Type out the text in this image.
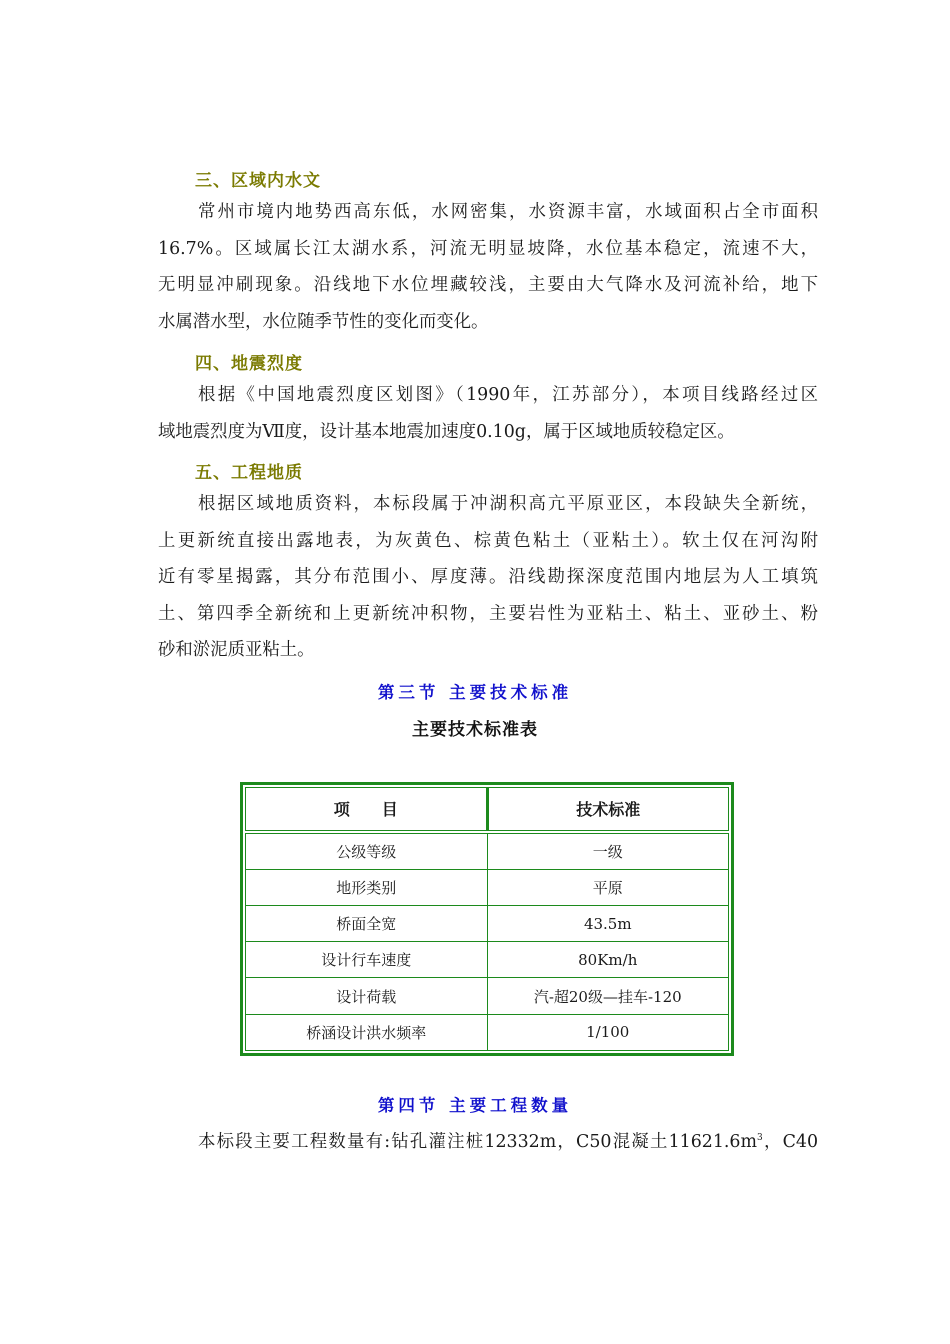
三、区域内水文
常州市境内地势西高东低，水网密集，水资源丰富，水域面积占全市面积
16.7%。区域属长江太湖水系，河流无明显坡降，水位基本稳定，流速不大，
无明显冲刷现象。沿线地下水位埋藏较浅，主要由大气降水及河流补给，地下
水属潜水型，水位随季节性的变化而变化。
四、地震烈度
根据《中国地震烈度区划图》（1990年，江苏部分），本项目线路经过区
域地震烈度为Ⅶ度，设计基本地震加速度0.10g，属于区域地质较稳定区。
五、工程地质
根据区域地质资料，本标段属于冲湖积高亢平原亚区，本段缺失全新统，
上更新统直接出露地表，为灰黄色、棕黄色粘土（亚粘土）。软土仅在河沟附
近有零星揭露，其分布范围小、厚度薄。沿线勘探深度范围内地层为人工填筑
土、第四季全新统和上更新统冲积物，主要岩性为亚粘土、粘土、亚砂土、粉
砂和淤泥质亚粘土。
第三节 主要技术标准
主要技术标准表
项　　目	技术标准
公级等级	一级
地形类别	平原
桥面全宽	43.5m
设计行车速度	80Km/h
设计荷载	汽-超20级—挂车-120
桥涵设计洪水频率	1/100
第四节 主要工程数量
本标段主要工程数量有:钻孔灌注桩12332m，C50混凝土$11621.6m^3$，C40
